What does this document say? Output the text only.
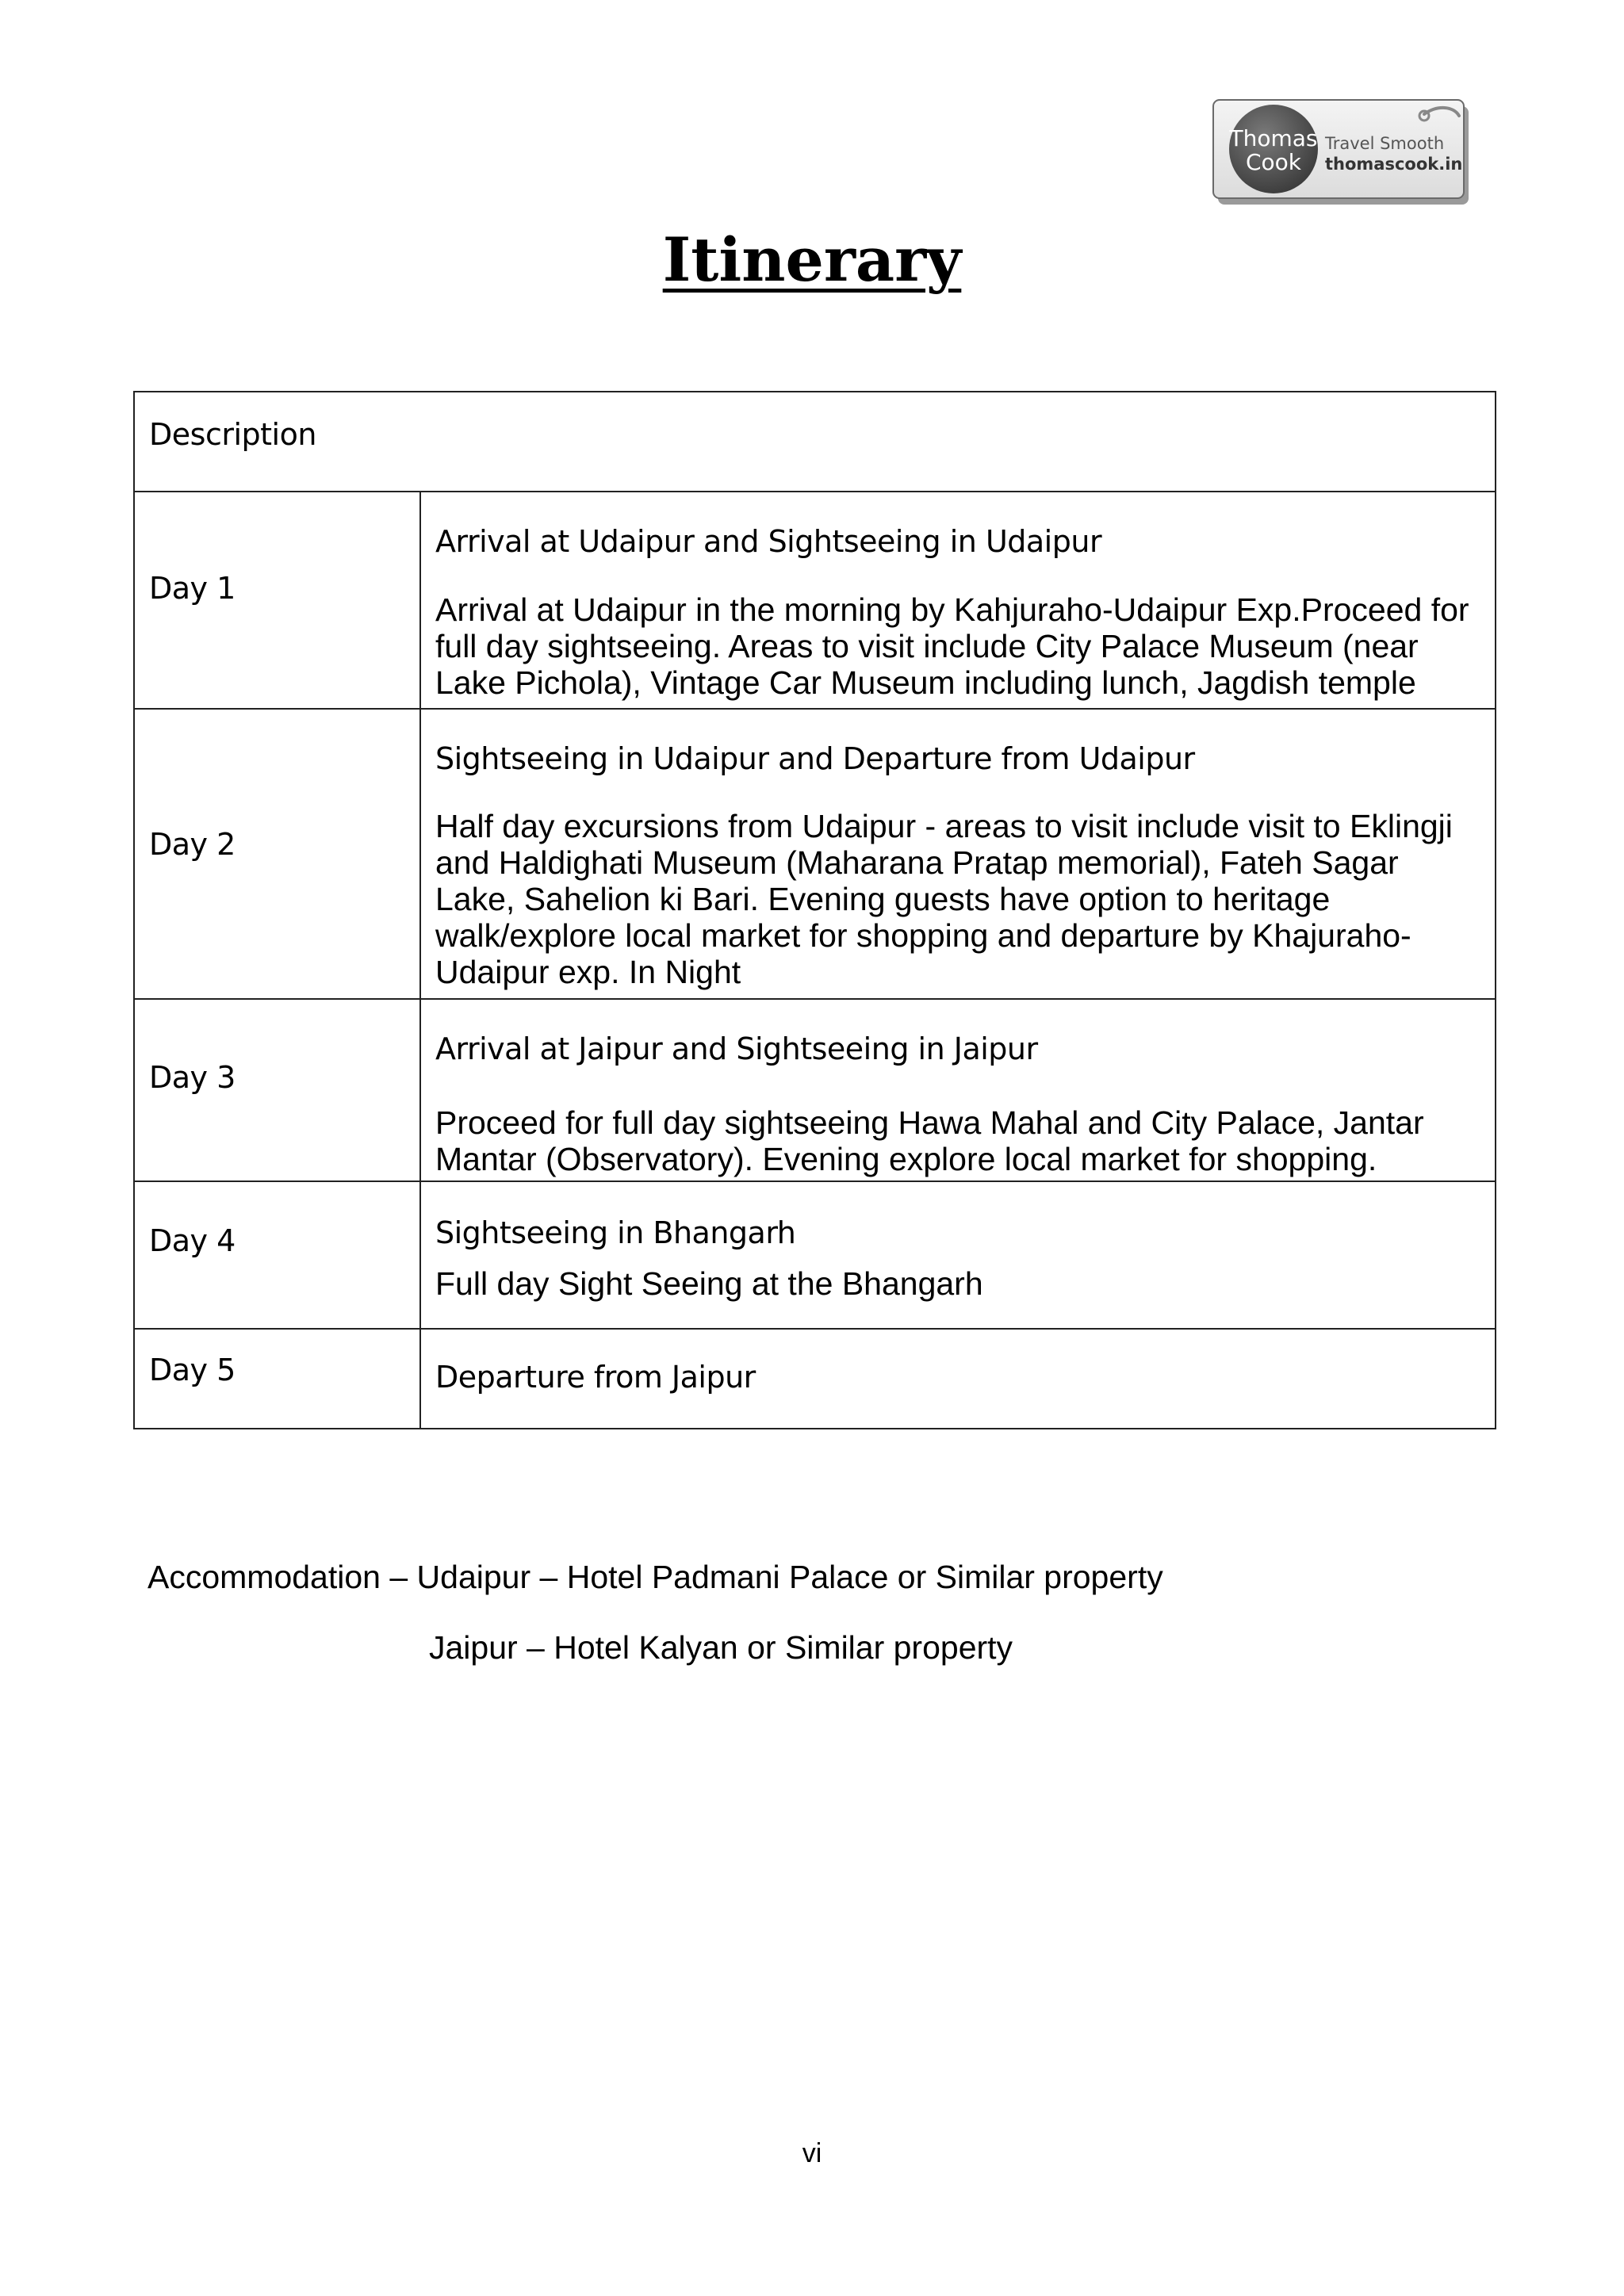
Thomas
Cook
Travel Smooth
thomascook.in
Itinerary
Description	

Day 1	Arrival at Udaipur and Sightseeing in Udaipur
Arrival at Udaipur in the morning by Kahjuraho-Udaipur Exp.Proceed for full day sightseeing. Areas to visit include City Palace Museum (near Lake Pichola), Vintage Car Museum including lunch, Jagdish temple

Day 2	Sightseeing in Udaipur and Departure from Udaipur
Half day excursions from Udaipur - areas to visit include visit to Eklingji and Haldighati Museum (Maharana Pratap memorial), Fateh Sagar Lake, Sahelion ki Bari. Evening guests have option to heritage walk/explore local market for shopping and departure by Khajuraho-Udaipur exp. In Night

Day 3	Arrival at Jaipur and Sightseeing in Jaipur
Proceed for full day sightseeing Hawa Mahal and City Palace, Jantar Mantar (Observatory). Evening explore local market for shopping.

Day 4	Sightseeing in Bhangarh
Full day Sight Seeing at the Bhangarh

Day 5	Departure from Jaipur
Accommodation – Udaipur – Hotel Padmani Palace or Similar property
Jaipur – Hotel Kalyan or Similar property
vi
